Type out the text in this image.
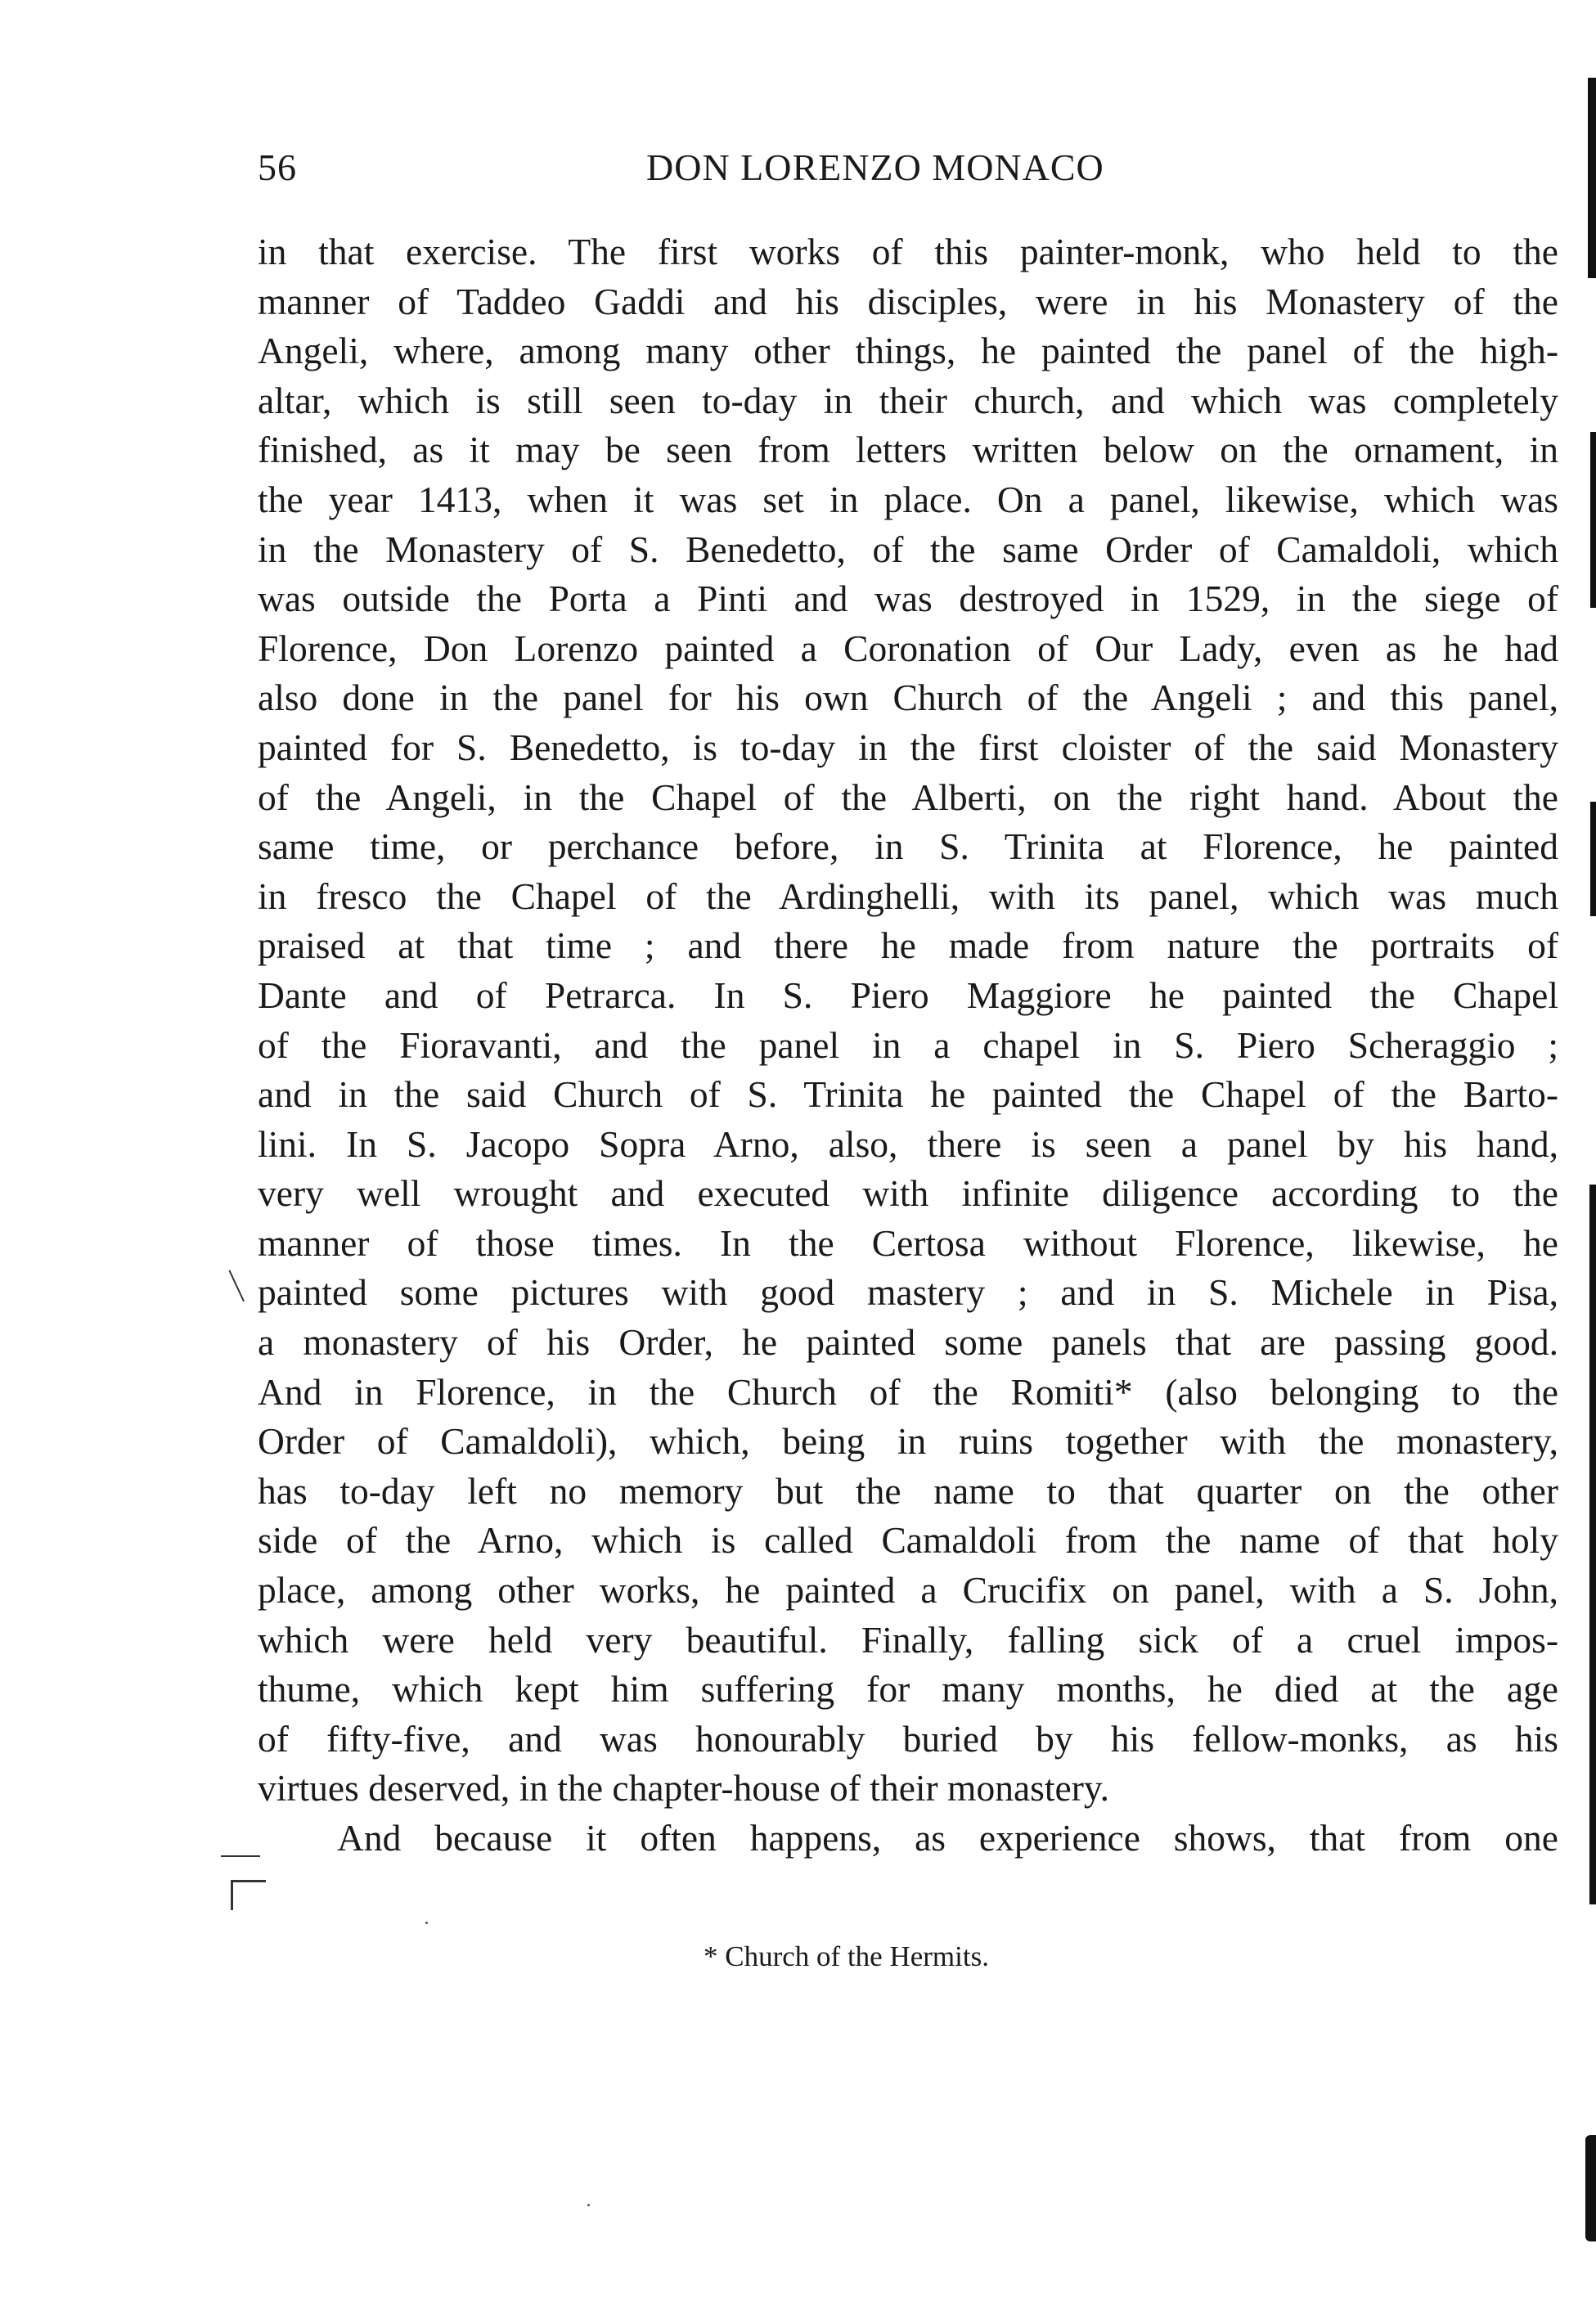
56	DON LORENZO MONACO
in that exercise. The first works of this painter-monk, who held to the
manner of Taddeo Gaddi and his disciples, were in his Monastery of the
Angeli, where, among many other things, he painted the panel of the high-
altar, which is still seen to-day in their church, and which was completely
finished, as it may be seen from letters written below on the ornament, in
the year 1413, when it was set in place. On a panel, likewise, which was
in the Monastery of S. Benedetto, of the same Order of Camaldoli, which
was outside the Porta a Pinti and was destroyed in 1529, in the siege of
Florence, Don Lorenzo painted a Coronation of Our Lady, even as he had
also done in the panel for his own Church of the Angeli ; and this panel,
painted for S. Benedetto, is to-day in the first cloister of the said Monastery
of the Angeli, in the Chapel of the Alberti, on the right hand. About the
same time, or perchance before, in S. Trinita at Florence, he painted
in fresco the Chapel of the Ardinghelli, with its panel, which was much
praised at that time ; and there he made from nature the portraits of
Dante and of Petrarca. In S. Piero Maggiore he painted the Chapel
of the Fioravanti, and the panel in a chapel in S. Piero Scheraggio ;
and in the said Church of S. Trinita he painted the Chapel of the Barto-
lini. In S. Jacopo Sopra Arno, also, there is seen a panel by his hand,
very well wrought and executed with infinite diligence according to the
manner of those times. In the Certosa without Florence, likewise, he
painted some pictures with good mastery ; and in S. Michele in Pisa,
a monastery of his Order, he painted some panels that are passing good.
And in Florence, in the Church of the Romiti* (also belonging to the
Order of Camaldoli), which, being in ruins together with the monastery,
has to-day left no memory but the name to that quarter on the other
side of the Arno, which is called Camaldoli from the name of that holy
place, among other works, he painted a Crucifix on panel, with a S. John,
which were held very beautiful. Finally, falling sick of a cruel impos-
thume, which kept him suffering for many months, he died at the age
of fifty-five, and was honourably buried by his fellow-monks, as his
virtues deserved, in the chapter-house of their monastery.
And because it often happens, as experience shows, that from one
* Church of the Hermits.
